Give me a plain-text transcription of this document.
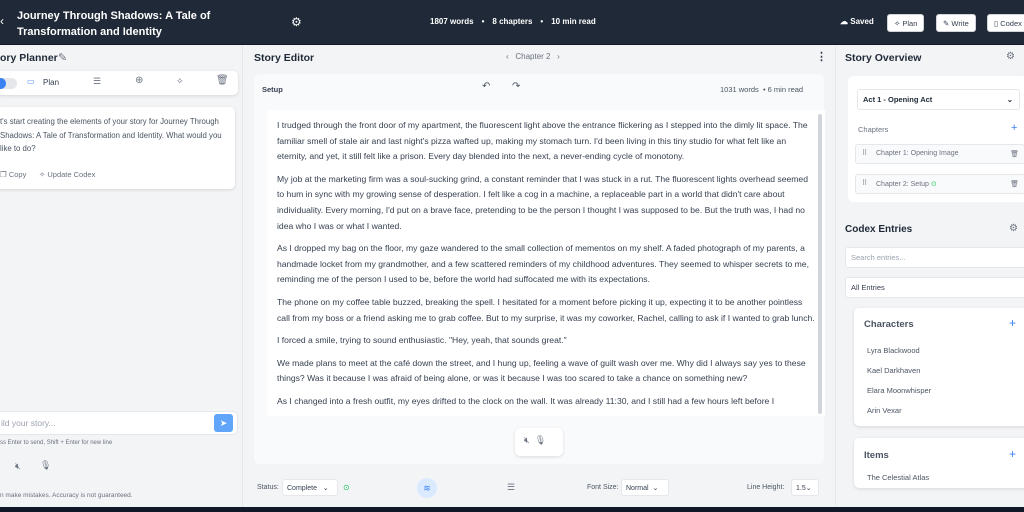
‹ Journey Through Shadows: A Tale of Transformation and Identity
⚙	1807 words • 8 chapters • 10 min read	☁ Saved	✧ Plan	✎ Write	▯ Codex
ory Planner ✎
▭ Plan	☰	⊕	✧	🗑
t's start creating the elements of your story for Journey Through Shadows: A Tale of Transformation and Identity. What would you like to do?
❐ Copy ✧ Update Codex
ild your story...	➤
ss Enter to send, Shift + Enter for new line
🔇︎ 🎙︎
n make mistakes. Accuracy is not guaranteed.
Story Editor	‹ Chapter 2 ›	⋮
Setup	↶ ↷	1031 words  • 6 min read

I trudged through the front door of my apartment, the fluorescent light above the entrance flickering as I stepped into the dimly lit space. The familiar smell of stale air and last night's pizza wafted up, making my stomach turn. I'd been living in this tiny studio for what felt like an eternity, and yet, it still felt like a prison. Every day blended into the next, a never-ending cycle of monotony.

My job at the marketing firm was a soul-sucking grind, a constant reminder that I was stuck in a rut. The fluorescent lights overhead seemed to hum in sync with my growing sense of desperation. I felt like a cog in a machine, a replaceable part in a world that didn't care about individuality. Every morning, I'd put on a brave face, pretending to be the person I thought I was supposed to be. But the truth was, I had no idea who I was or what I wanted.

As I dropped my bag on the floor, my gaze wandered to the small collection of mementos on my shelf. A faded photograph of my parents, a handmade locket from my grandmother, and a few scattered reminders of my childhood adventures. They seemed to whisper secrets to me, reminding me of the person I used to be, before the world had suffocated me with its expectations.

The phone on my coffee table buzzed, breaking the spell. I hesitated for a moment before picking it up, expecting it to be another pointless call from my boss or a friend asking me to grab coffee. But to my surprise, it was my coworker, Rachel, calling to ask if I wanted to grab lunch.

I forced a smile, trying to sound enthusiastic. "Hey, yeah, that sounds great."

We made plans to meet at the café down the street, and I hung up, feeling a wave of guilt wash over me. Why did I always say yes to these things? Was it because I was afraid of being alone, or was it because I was too scared to take a chance on something new?

As I changed into a fresh outfit, my eyes drifted to the clock on the wall. It was already 11:30, and I still had a few hours left before I

🔇︎ 🎙︎
Status:	Complete   ⌄	⊙	≋	☰	Font Size:	Normal  ⌄	Line Height:	1.5⌄
Story Overview	⚙
Act 1 - Opening Act	⌄
Chapters	+
⠿ Chapter 1: Opening Image	🗑
⠿ Chapter 2: Setup ⊙	🗑
Codex Entries	⚙
Search entries...
All Entries
Characters	+
Lyra Blackwood
Kael Darkhaven
Elara Moonwhisper
Arin Vexar
Items	+
The Celestial Atlas
